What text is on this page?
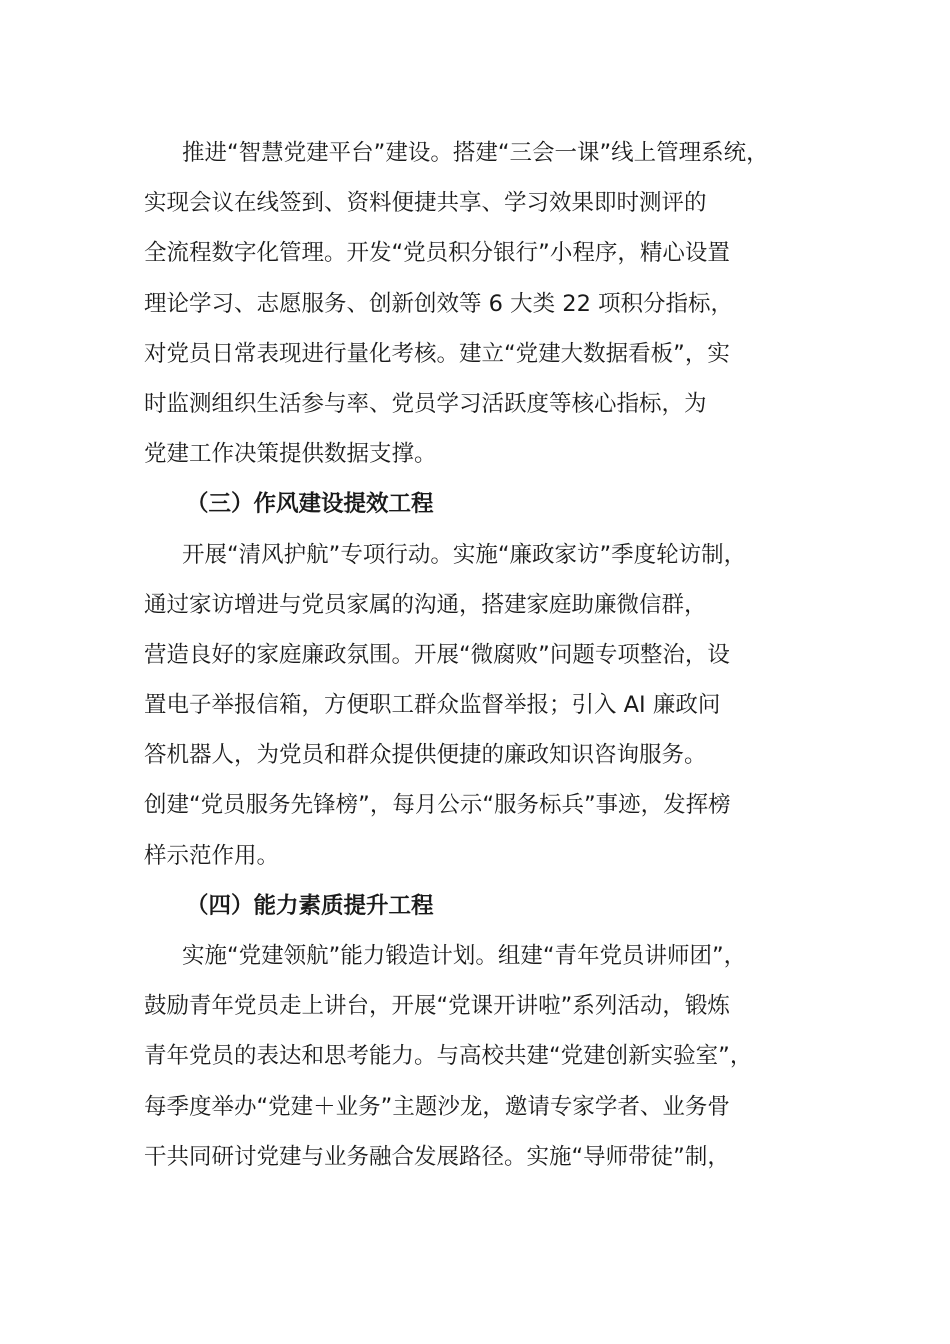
推进“智慧党建平台”建设。搭建“三会一课”线上管理系统，
实现会议在线签到、资料便捷共享、学习效果即时测评的
全流程数字化管理。开发“党员积分银行”小程序，精心设置
理论学习、志愿服务、创新创效等 6 大类 22 项积分指标，
对党员日常表现进行量化考核。建立“党建大数据看板”，实
时监测组织生活参与率、党员学习活跃度等核心指标，为
党建工作决策提供数据支撑。
（三）作风建设提效工程
开展“清风护航”专项行动。实施“廉政家访”季度轮访制，
通过家访增进与党员家属的沟通，搭建家庭助廉微信群，
营造良好的家庭廉政氛围。开展“微腐败”问题专项整治，设
置电子举报信箱，方便职工群众监督举报；引入 AI 廉政问
答机器人，为党员和群众提供便捷的廉政知识咨询服务。
创建“党员服务先锋榜”，每月公示“服务标兵”事迹，发挥榜
样示范作用。
（四）能力素质提升工程
实施“党建领航”能力锻造计划。组建“青年党员讲师团”，
鼓励青年党员走上讲台，开展“党课开讲啦”系列活动，锻炼
青年党员的表达和思考能力。与高校共建“党建创新实验室”，
每季度举办“党建＋业务”主题沙龙，邀请专家学者、业务骨
干共同研讨党建与业务融合发展路径。实施“导师带徒”制，
